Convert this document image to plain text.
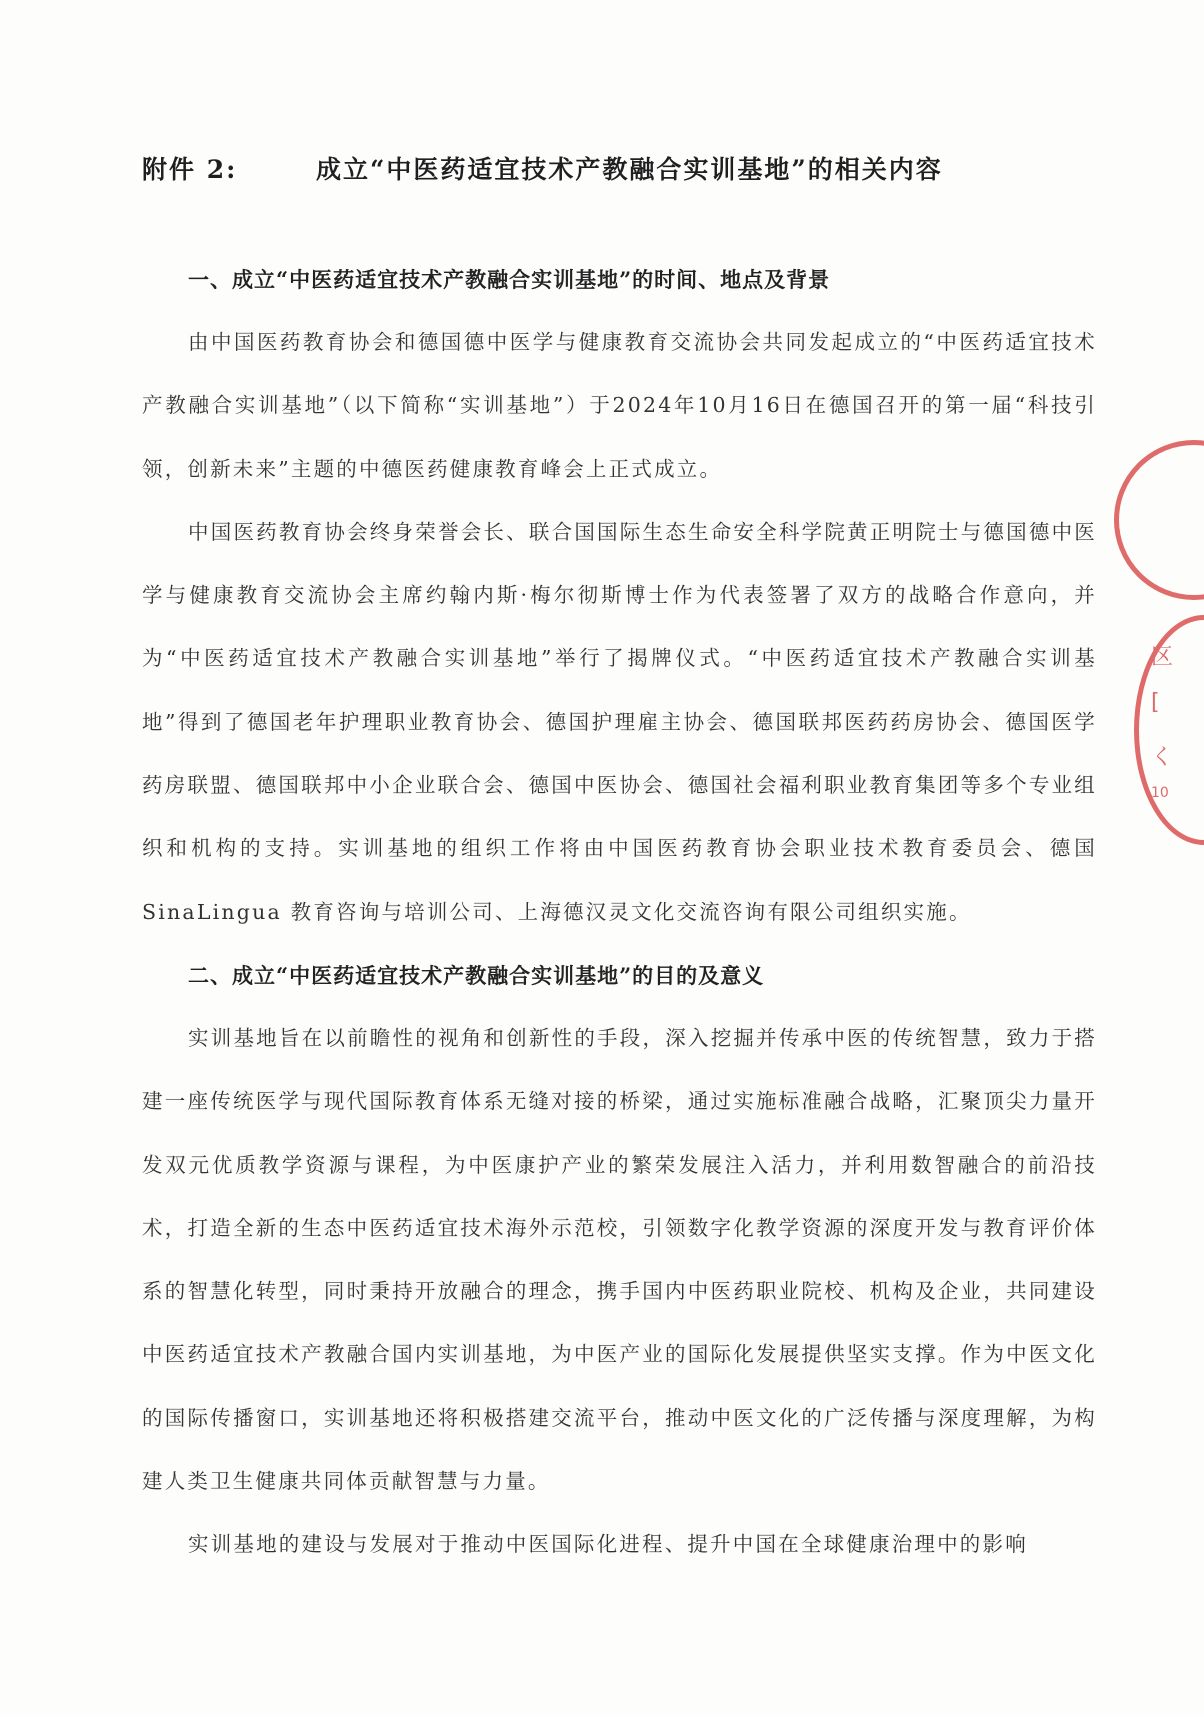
附件 2:	成立“中医药适宜技术产教融合实训基地”的相关内容

一、成立“中医药适宜技术产教融合实训基地”的时间、地点及背景

由中国医药教育协会和德国德中医学与健康教育交流协会共同发起成立的“中医药适宜技术产教融合实训基地”（以下简称“实训基地”）于2024年10月16日在德国召开的第一届“科技引领，创新未来”主题的中德医药健康教育峰会上正式成立。

中国医药教育协会终身荣誉会长、联合国国际生态生命安全科学院黄正明院士与德国德中医学与健康教育交流协会主席约翰内斯·梅尔彻斯博士作为代表签署了双方的战略合作意向，并为“中医药适宜技术产教融合实训基地”举行了揭牌仪式。“中医药适宜技术产教融合实训基地”得到了德国老年护理职业教育协会、德国护理雇主协会、德国联邦医药药房协会、德国医学药房联盟、德国联邦中小企业联合会、德国中医协会、德国社会福利职业教育集团等多个专业组织和机构的支持。实训基地的组织工作将由中国医药教育协会职业技术教育委员会、德国SinaLingua 教育咨询与培训公司、上海德汉灵文化交流咨询有限公司组织实施。

二、成立“中医药适宜技术产教融合实训基地”的目的及意义

实训基地旨在以前瞻性的视角和创新性的手段，深入挖掘并传承中医的传统智慧，致力于搭建一座传统医学与现代国际教育体系无缝对接的桥梁，通过实施标准融合战略，汇聚顶尖力量开发双元优质教学资源与课程，为中医康护产业的繁荣发展注入活力，并利用数智融合的前沿技术，打造全新的生态中医药适宜技术海外示范校，引领数字化教学资源的深度开发与教育评价体系的智慧化转型，同时秉持开放融合的理念，携手国内中医药职业院校、机构及企业，共同建设中医药适宜技术产教融合国内实训基地，为中医产业的国际化发展提供坚实支撑。作为中医文化的国际传播窗口，实训基地还将积极搭建交流平台，推动中医文化的广泛传播与深度理解，为构建人类卫生健康共同体贡献智慧与力量。

实训基地的建设与发展对于推动中医国际化进程、提升中国在全球健康治理中的影响

区
[
く
10
